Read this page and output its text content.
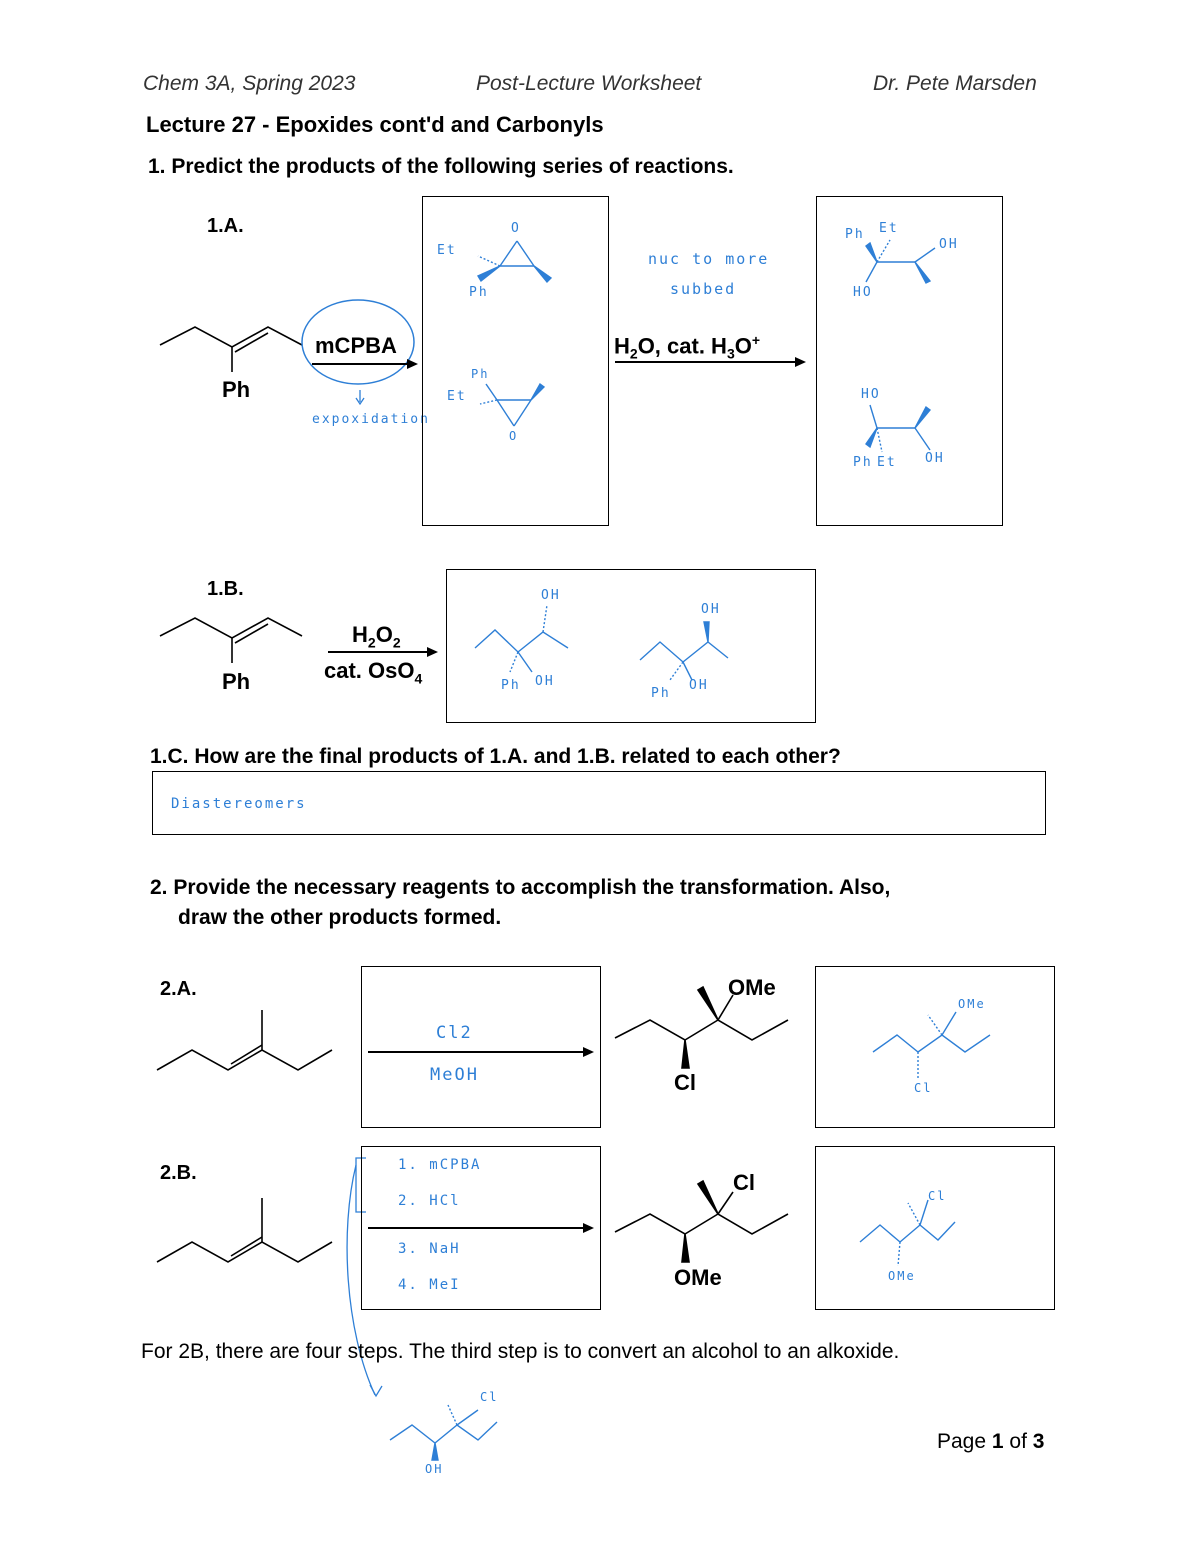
Chem 3A, Spring 2023	Post-Lecture Worksheet	Dr. Pete Marsden
Lecture 27 - Epoxides cont'd and Carbonyls
1. Predict the products of the following series of reactions.
1.A.
Ph
mCPBA
expoxidation
Et
O
Ph
Et
O
Ph
nuc to more
subbed
$H_2O$, cat. $H_3O^+$
Ph Et
OH
HO
HO
Ph Et OH
1.B.
Ph
$H_2O_2$
cat. OsO$_4$
OH
Ph OH
OH
Ph
OH
1.C. How are the final products of 1.A. and 1.B. related to each other?
Diastereomers
2. Provide the necessary reagents to accomplish the transformation. Also,
draw the other products formed.
2.A.
Cl2
MeOH
OMe
Cl
OMe
Cl
2.B.	1. mCPBA
2. HCl
3. NaH
4. MeI
Cl
OMe
Cl
OMe
For 2B, there are four steps. The third step is to convert an alcohol to an alkoxide.
Cl
OH
Page 1 of 3
